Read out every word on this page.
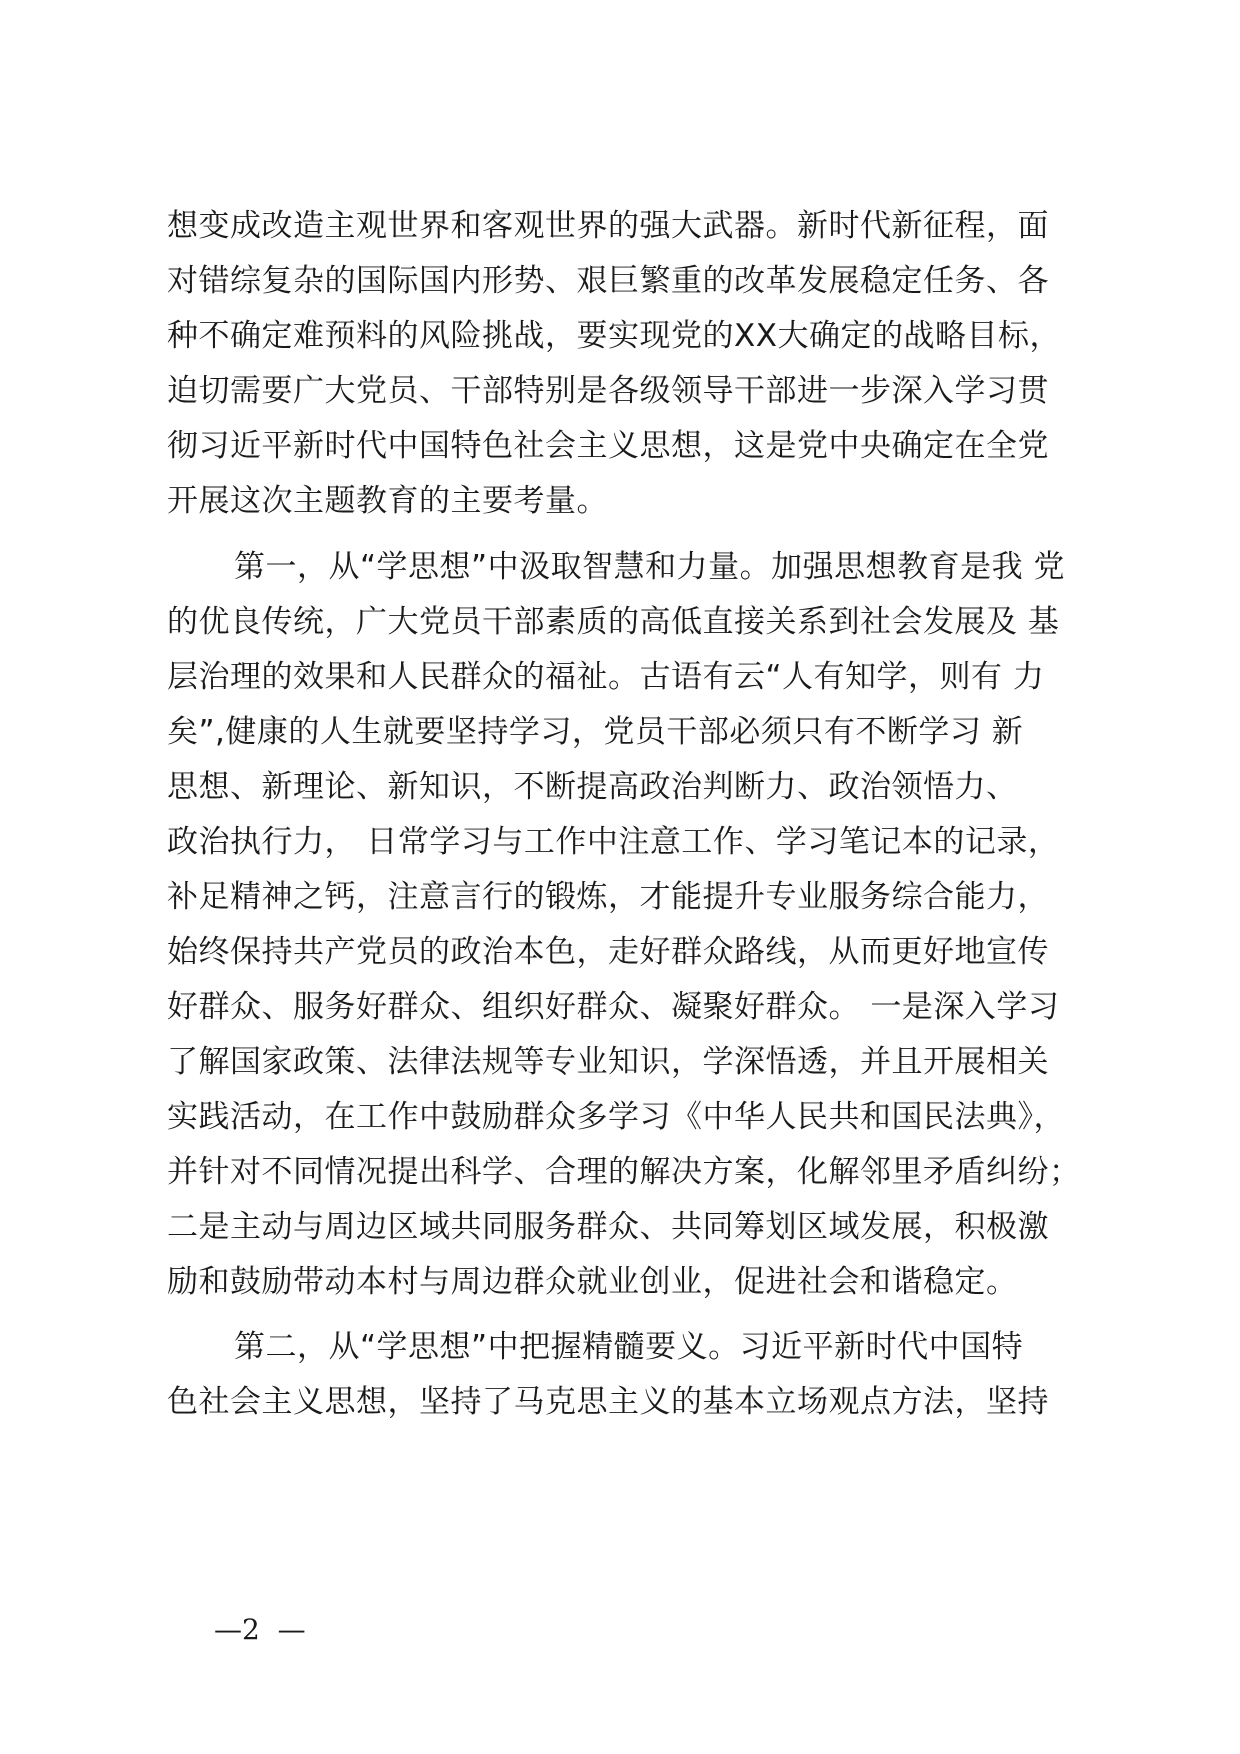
想变成改造主观世界和客观世界的强大武器。新时代新征程，面
对错综复杂的国际国内形势、艰巨繁重的改革发展稳定任务、各
种不确定难预料的风险挑战，要实现党的XX大确定的战略目标，
迫切需要广大党员、干部特别是各级领导干部进一步深入学习贯
彻习近平新时代中国特色社会主义思想，这是党中央确定在全党
开展这次主题教育的主要考量。
第一，从“学思想”中汲取智慧和力量。加强思想教育是我 党
的优良传统，广大党员干部素质的高低直接关系到社会发展及 基
层治理的效果和人民群众的福祉。古语有云“人有知学，则有 力
矣”,健康的人生就要坚持学习，党员干部必须只有不断学习 新
思想、新理论、新知识，不断提高政治判断力、政治领悟力、
政治执行力， 日常学习与工作中注意工作、学习笔记本的记录，
补足精神之钙，注意言行的锻炼，才能提升专业服务综合能力，
始终保持共产党员的政治本色，走好群众路线，从而更好地宣传
好群众、服务好群众、组织好群众、凝聚好群众。 一是深入学习
了解国家政策、法律法规等专业知识，学深悟透，并且开展相关
实践活动，在工作中鼓励群众多学习《中华人民共和国民法典》，
并针对不同情况提出科学、合理的解决方案，化解邻里矛盾纠纷；
二是主动与周边区域共同服务群众、共同筹划区域发展，积极激
励和鼓励带动本村与周边群众就业创业，促进社会和谐稳定。
第二，从“学思想”中把握精髓要义。习近平新时代中国特
色社会主义思想，坚持了马克思主义的基本立场观点方法，坚持
—2  —
